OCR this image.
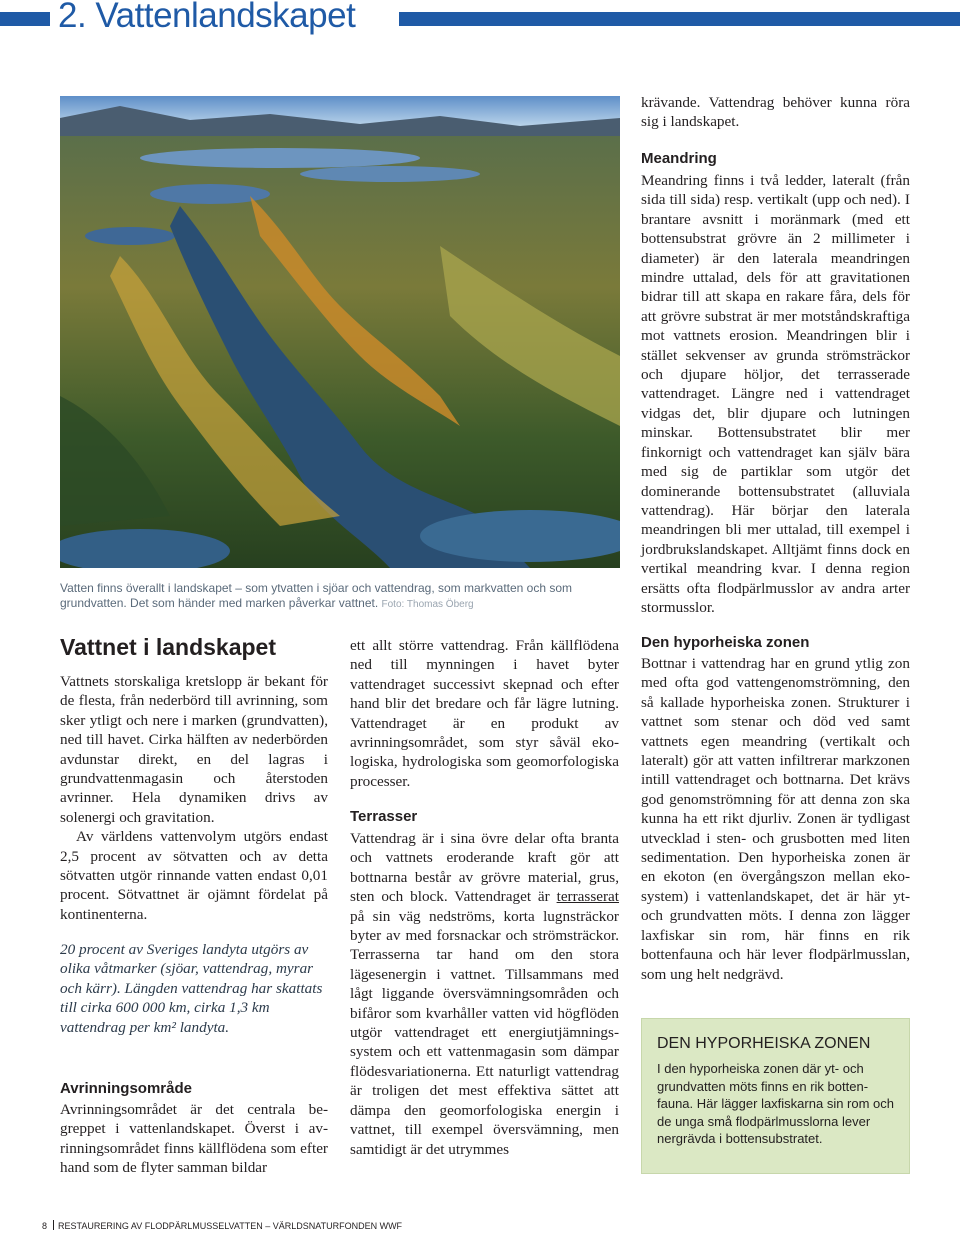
2. Vattenlandskapet

Vatten finns överallt i landskapet – som ytvatten i sjöar och vattendrag, som markvatten och som grundvatten. Det som händer med marken påverkar vattnet. Foto: Thomas Öberg

Vattnet i landskapet

Vattnets storskaliga kretslopp är bekant för de flesta, från nederbörd till avrinning, som sker ytligt och nere i marken (grundvatten), ned till havet. Cirka hälften av nederbörden avdunstar direkt, en del lagras i grundvattenmagasin och återstoden avrinner. Hela dynamiken drivs av solenergi och gravitation.

Av världens vattenvolym utgörs endast 2,5 procent av sötvatten och av detta sötvatten utgör rinnande vatten endast 0,01 procent. Sötvattnet är ojämnt fördelat på kontinenterna.

20 procent av Sveriges landyta utgörs av olika våtmarker (sjöar, vattendrag, myrar och kärr). Längden vattendrag har skattats till cirka 600 000 km, cirka 1,3 km vattendrag per km² landyta.

Avrinningsområde

Avrinningsområdet är det centrala begreppet i vattenlandskapet. Överst i avrinningsområdet finns källflödena som efter hand som de flyter samman bildar

ett allt större vattendrag. Från källflödena ned till mynningen i havet byter vattendraget successivt skepnad och efter hand blir det bredare och får lägre lutning. Vattendraget är en produkt av avrinningsområdet, som styr såväl ekologiska, hydrologiska som geomorfologiska processer.

Terrasser

Vattendrag är i sina övre delar ofta branta och vattnets eroderande kraft gör att bottnarna består av grövre material, grus, sten och block. Vattendraget är terrasserat på sin väg nedströms, korta lugnsträckor byter av med forsnackar och strömsträckor. Terrasserna tar hand om den stora lägesenergin i vattnet. Tillsammans med lågt liggande översvämningsområden och bifåror som kvarhåller vatten vid högflöden utgör vattendraget ett energiutjämningssystem och ett vattenmagasin som dämpar flödesvariationerna. Ett naturligt vattendrag är troligen det mest effektiva sättet att dämpa den geomorfologiska energin i vattnet, till exempel översvämning, men samtidigt är det utrymmes

krävande. Vattendrag behöver kunna röra sig i landskapet.

Meandring

Meandring finns i två ledder, lateralt (från sida till sida) resp. vertikalt (upp och ned). I brantare avsnitt i moränmark (med ett bottensubstrat grövre än 2 millimeter i diameter) är den laterala meandringen mindre uttalad, dels för att gravitationen bidrar till att skapa en rakare fåra, dels för att grövre substrat är mer motståndskraftiga mot vattnets erosion. Meandringen blir i stället sekvenser av grunda strömsträckor och djupare höljor, det terrasserade vattendraget. Längre ned i vattendraget vidgas det, blir djupare och lutningen minskar. Bottensubstratet blir mer finkornigt och vattendraget kan själv bära med sig de partiklar som utgör det dominerande bottensubstratet (alluviala vattendrag). Här börjar den laterala meandringen bli mer uttalad, till exempel i jordbrukslandskapet. Alltjämt finns dock en vertikal meandring kvar. I denna region ersätts ofta flodpärlmusslor av andra arter stormusslor.

Den hyporheiska zonen

Bottnar i vattendrag har en grund ytlig zon med ofta god vattengenomströmning, den så kallade hyporheiska zonen. Strukturer i vattnet som stenar och död ved samt vattnets egen meandring (vertikalt och lateralt) gör att vatten infiltrerar markzonen intill vattendraget och bottnarna. Det krävs god genomströmning för att denna zon ska kunna ha ett rikt djurliv. Zonen är tydligast utvecklad i sten- och grusbotten med liten sedimentation. Den hyporheiska zonen är en ekoton (en övergångszon mellan ekosystem) i vattenlandskapet, det är här yt- och grundvatten möts. I denna zon lägger laxfiskar sin rom, här finns en rik bottenfauna och här lever flodpärlmusslan, som ung helt nedgrävd.

DEN HYPORHEISKA ZONEN

I den hyporheiska zonen där yt- och grundvatten möts finns en rik bottenfauna. Här lägger laxfiskarna sin rom och de unga små flodpärlmusslorna lever nergrävda i bottensubstratet.

8 RESTAURERING AV FLODPÄRLMUSSELVATTEN – VÄRLDSNATURFONDEN WWF
